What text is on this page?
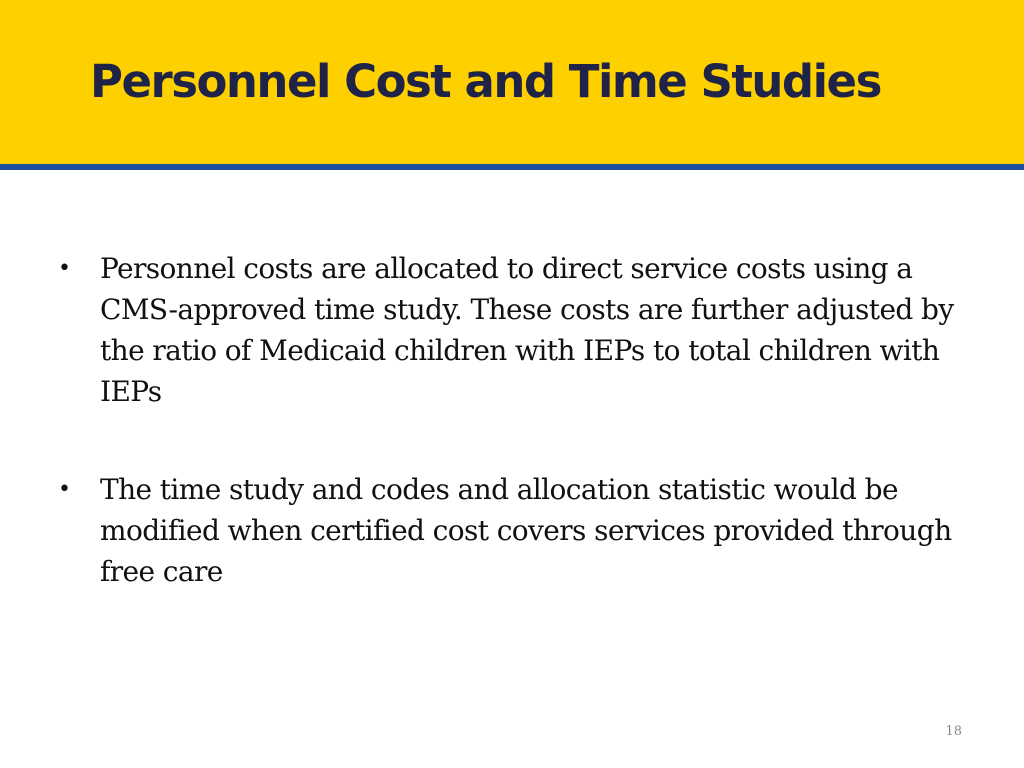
Personnel Cost and Time Studies
• Personnel costs are allocated to direct service costs using a CMS-approved time study. These costs are further adjusted by the ratio of Medicaid children with IEPs to total children with IEPs
• The time study and codes and allocation statistic would be modified when certified cost covers services provided through free care
18
